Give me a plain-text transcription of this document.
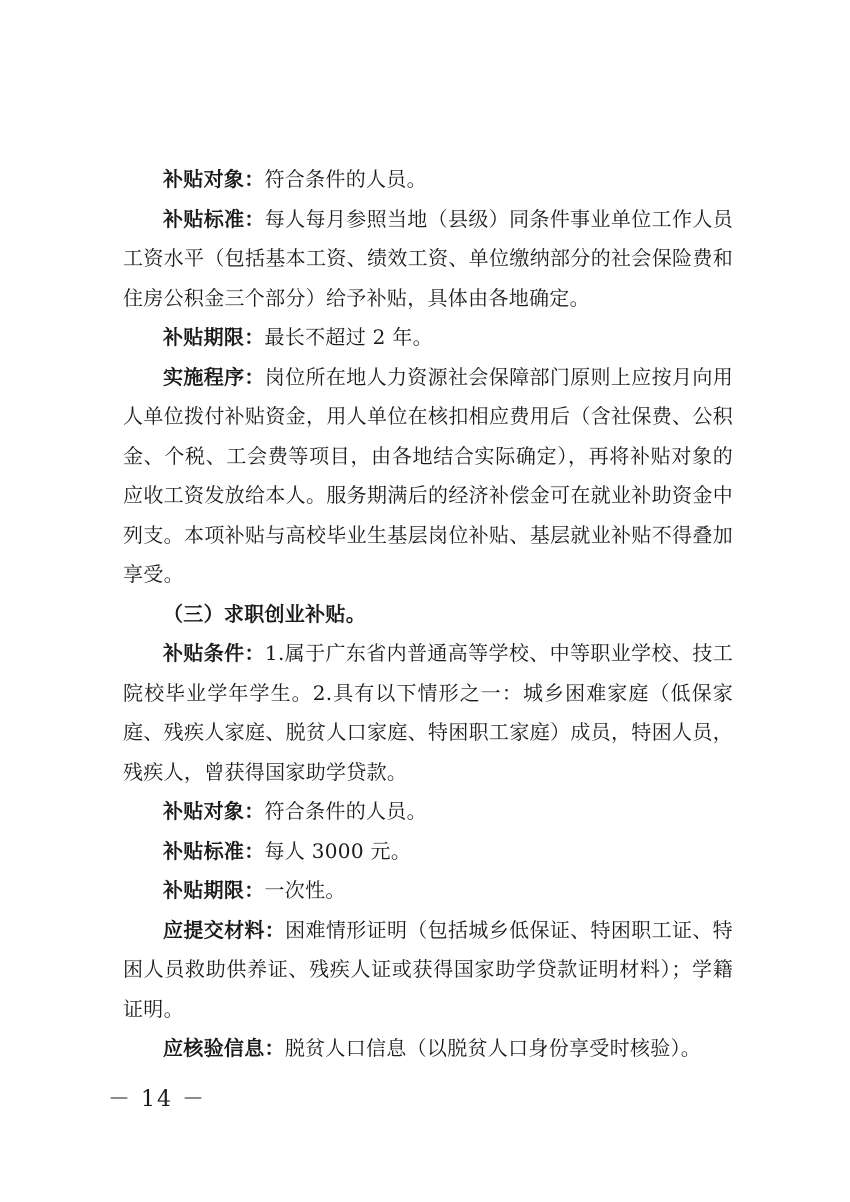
补贴对象：符合条件的人员。

补贴标准：每人每月参照当地（县级）同条件事业单位工作人员工资水平（包括基本工资、绩效工资、单位缴纳部分的社会保险费和住房公积金三个部分）给予补贴，具体由各地确定。

补贴期限：最长不超过 2 年。

实施程序：岗位所在地人力资源社会保障部门原则上应按月向用人单位拨付补贴资金，用人单位在核扣相应费用后（含社保费、公积金、个税、工会费等项目，由各地结合实际确定），再将补贴对象的应收工资发放给本人。服务期满后的经济补偿金可在就业补助资金中列支。本项补贴与高校毕业生基层岗位补贴、基层就业补贴不得叠加享受。

（三）求职创业补贴。

补贴条件：1.属于广东省内普通高等学校、中等职业学校、技工院校毕业学年学生。2.具有以下情形之一：城乡困难家庭（低保家庭、残疾人家庭、脱贫人口家庭、特困职工家庭）成员，特困人员，残疾人，曾获得国家助学贷款。

补贴对象：符合条件的人员。

补贴标准：每人 3000 元。

补贴期限：一次性。

应提交材料：困难情形证明（包括城乡低保证、特困职工证、特困人员救助供养证、残疾人证或获得国家助学贷款证明材料）；学籍证明。

应核验信息：脱贫人口信息（以脱贫人口身份享受时核验）。

－ 14 －
